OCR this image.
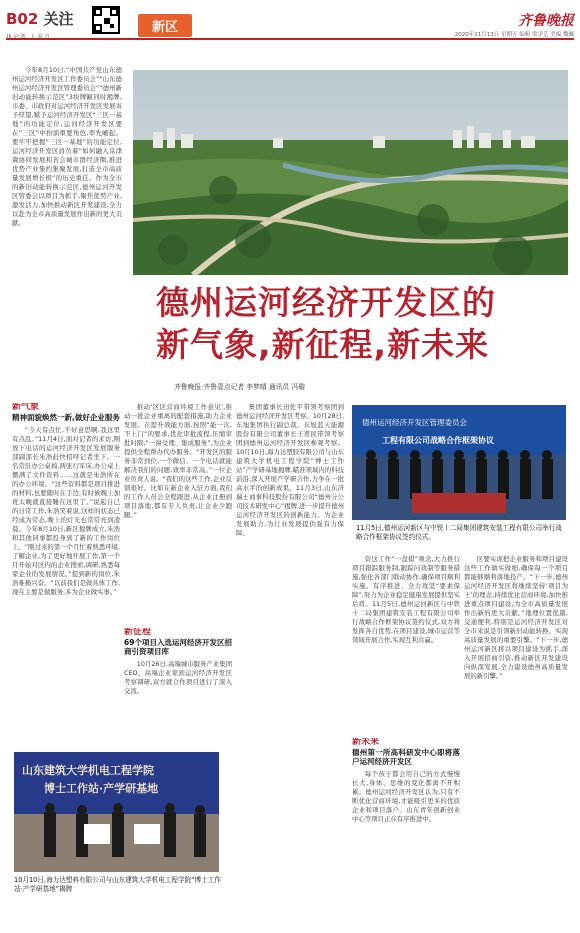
B02 关注	新区	齐鲁晚报
2020年11月13日 星期五 编辑 常学艺 美编 魏巍
今年8月10日,“中国共产党山东德州运河经济开发区工作委员会”“山东德州运河经济开发区管理委员会”“德州新旧动能转换示范区”3块牌匾同时揭牌,市委、市政府对运河经济开发区发展寄予厚望,赋予运河经济开发区“三区一基地”的功能定位,运河经济开发区要在“三区”中扮演重要角色,率先崛起。要牢牢把握“三区一基地”的功能定位,运河经济开发区肩负着“如何融入京津冀协同发展和省会城市群经济圈,推进优势产业集约集聚发展,打造全市高质量发展增长极”的历史重任。作为全市的新旧动能转换示范区,德州运河开发区管委会以项目为抓手,聚焦优势产业,激发活力,加快推动新区开发建设,全力以赴为全市高质量发展作出新的更大贡献。
德州运河经济开发区的
新气象,新征程,新未来
齐鲁晚报·齐鲁壹点记者 李梦晴 通讯员 冯璇
新气象
精神面貌焕然一新,做好企业服务
“今天有点忙,不好意思啊,我这里有点乱。”11月4日,面对记者的来访,刚放下电话的运河经济开发区发展服务部副部长朱浩赶快招呼记者坐下。一名常驻办公桌椅,两张行军床,办公桌上摆满了文件资料……这就是朱浩所在的办公环境。“这些资料都是项目推进的材料,也要随时在手边,有时候晚上加班太晚就直接睡在这里了。”说起自己的日常工作,朱浩笑着说,这样的状态已经成为常态,晚上的灯光也常常亮到凌晨。今年8月10日,新区揭牌成立,朱浩和其他同事都投身到了新的工作岗位上。“刚过来的第一个月忙着熟悉环境,了解企业,为了更好地开展工作,第一个月开始对区内的企业搜索,调研,熟悉每家企业的发展情况。”提到新的岗位,朱浩难掩兴奋。“以前我们是做具体工作,现在主要是做服务,多为企业做实事。”
推动‘区区营商环境工作意见’,推动一批企业重离的配套措施,助力企业发展。在提升效能方面,按照“能一次,不上门”的要求,优化审批流程,压缩审批时限,“一窗受理、集成服务”,为企业提供全程帮办代办服务。“开发区的服务非常到位,一个微信、一个电话就能解决我们的问题,效率非常高。”一位企业负责人说。“我们的这些工作,企业反馈很好。比如在新企业入驻方面,我们的工作人员会全程跟进,从企业注册到项目落地,都有专人负责,让企业少跑腿。”
新征程
69个项目入选运河经济开发区招商引资项目库
10月26日,高端城市服务产业集团CEO、高端企业家到运河经济开发区考察调研,双方就合作项目进行了深入交流。
集团董事长田佐平带领考察团到德州运河经济开发区考察。10月28日,东旭集团执行副总裁、东旭蓝天能源股份有限公司董事长王甫民带领考察团到德州运河经济开发区参观考察。10月10日,海力达塑胶有限公司与山东建筑大学机电工程学院“博士工作站”产学研基地揭牌,瞄准领域内的科技前沿,深入开展产学研合作,力争在一批高水平的创新成果。11月3日,山东济瑞士商事科技股份有限公司“德州分公司技术研发中心”揭牌,进一步提升德州运河经济开发区的创新能力。为企业发展助力,为行业发展提供强有力保障。
山东建筑大学机电工程学院
博士工作站·产学研基地
10月10日,海力达塑料有限公司与山东建筑大学机电工程学院“博士工作站·产学研基地”揭牌
德州运河经济开发区管理委员会
工程有限公司战略合作框架协议
11月5日,德州运河新区与中铁十二局集团建筑安装工程有限公司举行战略合作框架协议签约仪式。
资这工作“一盘棋”观念,大力推行项目跟踪服务制,跟踪问效制等服务措施,强化各部门联动协作,确保项目顺利实施。有序推进、全力攻坚“要素保障”,努力为企业稳定健康发展提供坚实后盾。11月5日,德州运河新区与中铁十二局集团建筑安装工程有限公司举行战略合作框架协议签约仪式,双方将发挥各自优势,在项目建设,城市运营等领域开展合作,实现互利共赢。
新未来
德州第一所高科研发中心即将落户运河经济开发区
每个孩子都会用自己的方式慢慢长大,身体、思维的变化都离不开积累。德州运河经济开发区认为,只有不断优化营商环境,才能吸引更多的优质企业和项目落户。山东青年创新创业中心等项目正在有序推进中。
区要实现把企业服务和项目建设这些工作做实做细,确保每一个项目都能够顺利落地投产。“下一步,德州运河经济开发区将继续坚持‘项目为王’的理念,持续优化营商环境,加快推进重点项目建设,为全市高质量发展作出新的更大贡献。”地理位置优越,交通便利,特别是运河经济开发区对全市来说是引领新旧动能转换、实现高质量发展的重要引擎。“下一步,德州运河新区将以项目建设为抓手,深入开展招商引资,推动新区开发建设向纵深发展,全力建设德州高质量发展的新引擎。”
